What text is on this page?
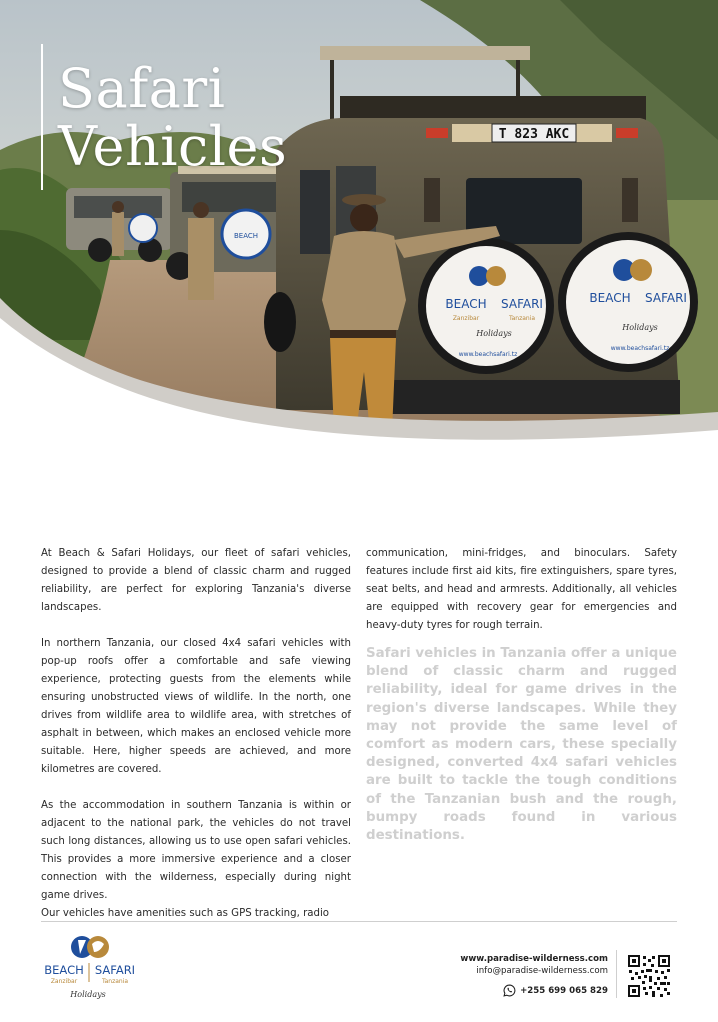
BEACH
T 823 AKC
BEACH SAFARI
Zanzibar	Tanzania
Holidays
www.beachsafari.tz
BEACH SAFARI
Holidays
www.beachsafari.tz
Safari
Vehicles

At Beach & Safari Holidays, our fleet of safari vehicles, designed to provide a blend of classic charm and rugged reliability, are perfect for exploring Tanzania's diverse landscapes.

In northern Tanzania, our closed 4x4 safari vehicles with pop-up roofs offer a comfortable and safe viewing experience, protecting guests from the elements while ensuring unobstructed views of wildlife. In the north, one drives from wildlife area to wildlife area, with stretches of asphalt in between, which makes an enclosed vehicle more suitable. Here, higher speeds are achieved, and more kilometres are covered.

As the accommodation in southern Tanzania is within or adjacent to the national park, the vehicles do not travel such long distances, allowing us to use open safari vehicles. This provides a more immersive experience and a closer connection with the wilderness, especially during night game drives.

Our vehicles have amenities such as GPS tracking, radio

communication, mini-fridges, and binoculars. Safety features include first aid kits, fire extinguishers, spare tyres, seat belts, and head and armrests. Additionally, all vehicles are equipped with recovery gear for emergencies and heavy-duty tyres for rough terrain.

Safari vehicles in Tanzania offer a unique blend of classic charm and rugged reliability, ideal for game drives in the region's diverse landscapes. While they may not provide the same level of comfort as modern cars, these specially designed, converted 4x4 safari vehicles are built to tackle the tough conditions of the Tanzanian bush and the rough, bumpy roads found in various destinations.
BEACH SAFARI
Zanzibar	Tanzania
Holidays
www.paradise-wilderness.com
info@paradise-wilderness.com
+255 699 065 829
